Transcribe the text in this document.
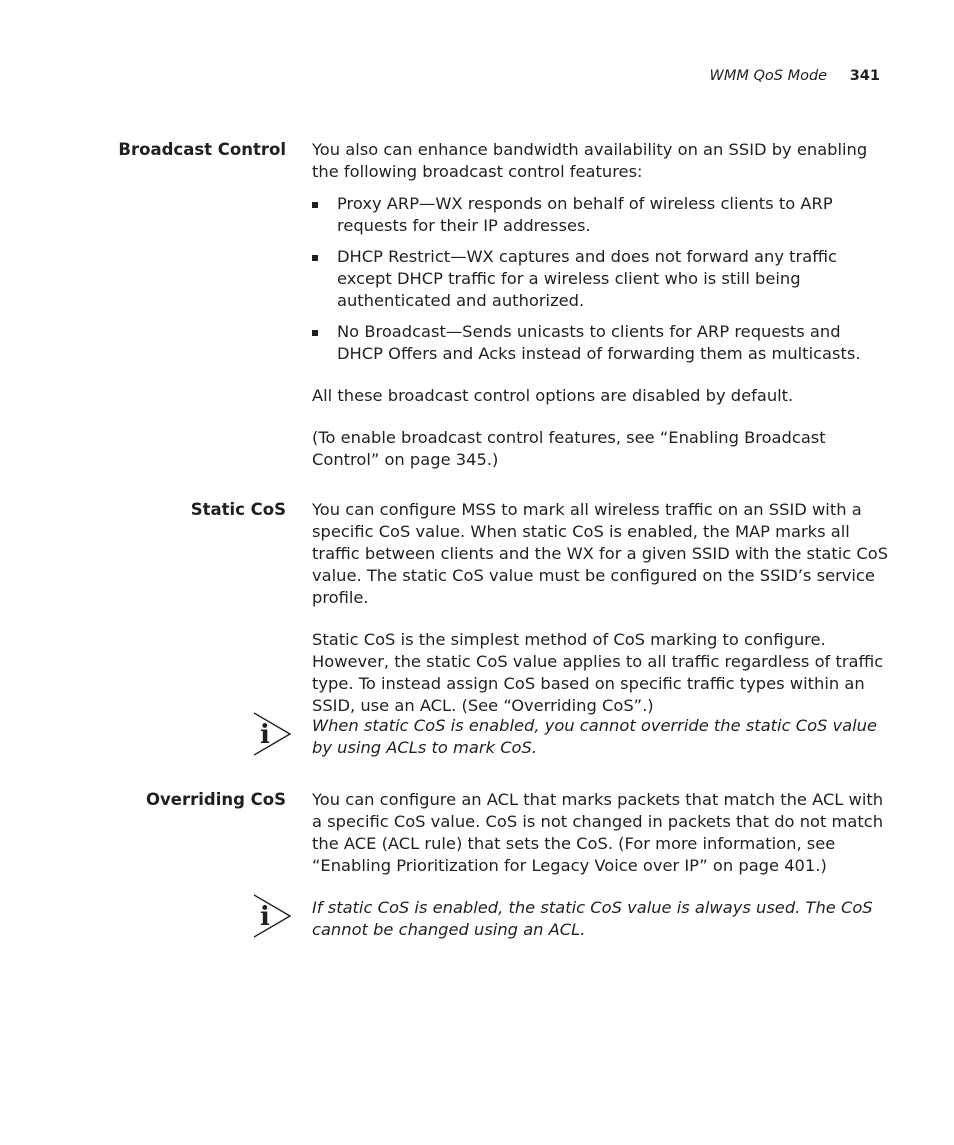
WMM QoS Mode 341
Broadcast Control You also can enhance bandwidth availability on an SSID by enabling the following broadcast control features:

Proxy ARP—WX responds on behalf of wireless clients to ARP requests for their IP addresses.
DHCP Restrict—WX captures and does not forward any traffic except DHCP traffic for a wireless client who is still being authenticated and authorized.
No Broadcast—Sends unicasts to clients for ARP requests and DHCP Offers and Acks instead of forwarding them as multicasts.

All these broadcast control options are disabled by default.

(To enable broadcast control features, see “Enabling Broadcast Control” on page 345.)

Static CoS You can configure MSS to mark all wireless traffic on an SSID with a specific CoS value. When static CoS is enabled, the MAP marks all traffic between clients and the WX for a given SSID with the static CoS value. The static CoS value must be configured on the SSID’s service profile.

Static CoS is the simplest method of CoS marking to configure. However, the static CoS value applies to all traffic regardless of traffic type. To instead assign CoS based on specific traffic types within an SSID, use an ACL. (See “Overriding CoS”.)

i	When static CoS is enabled, you cannot override the static CoS value by using ACLs to mark CoS.
Overriding CoS You can configure an ACL that marks packets that match the ACL with a specific CoS value. CoS is not changed in packets that do not match the ACE (ACL rule) that sets the CoS. (For more information, see “Enabling Prioritization for Legacy Voice over IP” on page 401.)

i	If static CoS is enabled, the static CoS value is always used. The CoS cannot be changed using an ACL.
